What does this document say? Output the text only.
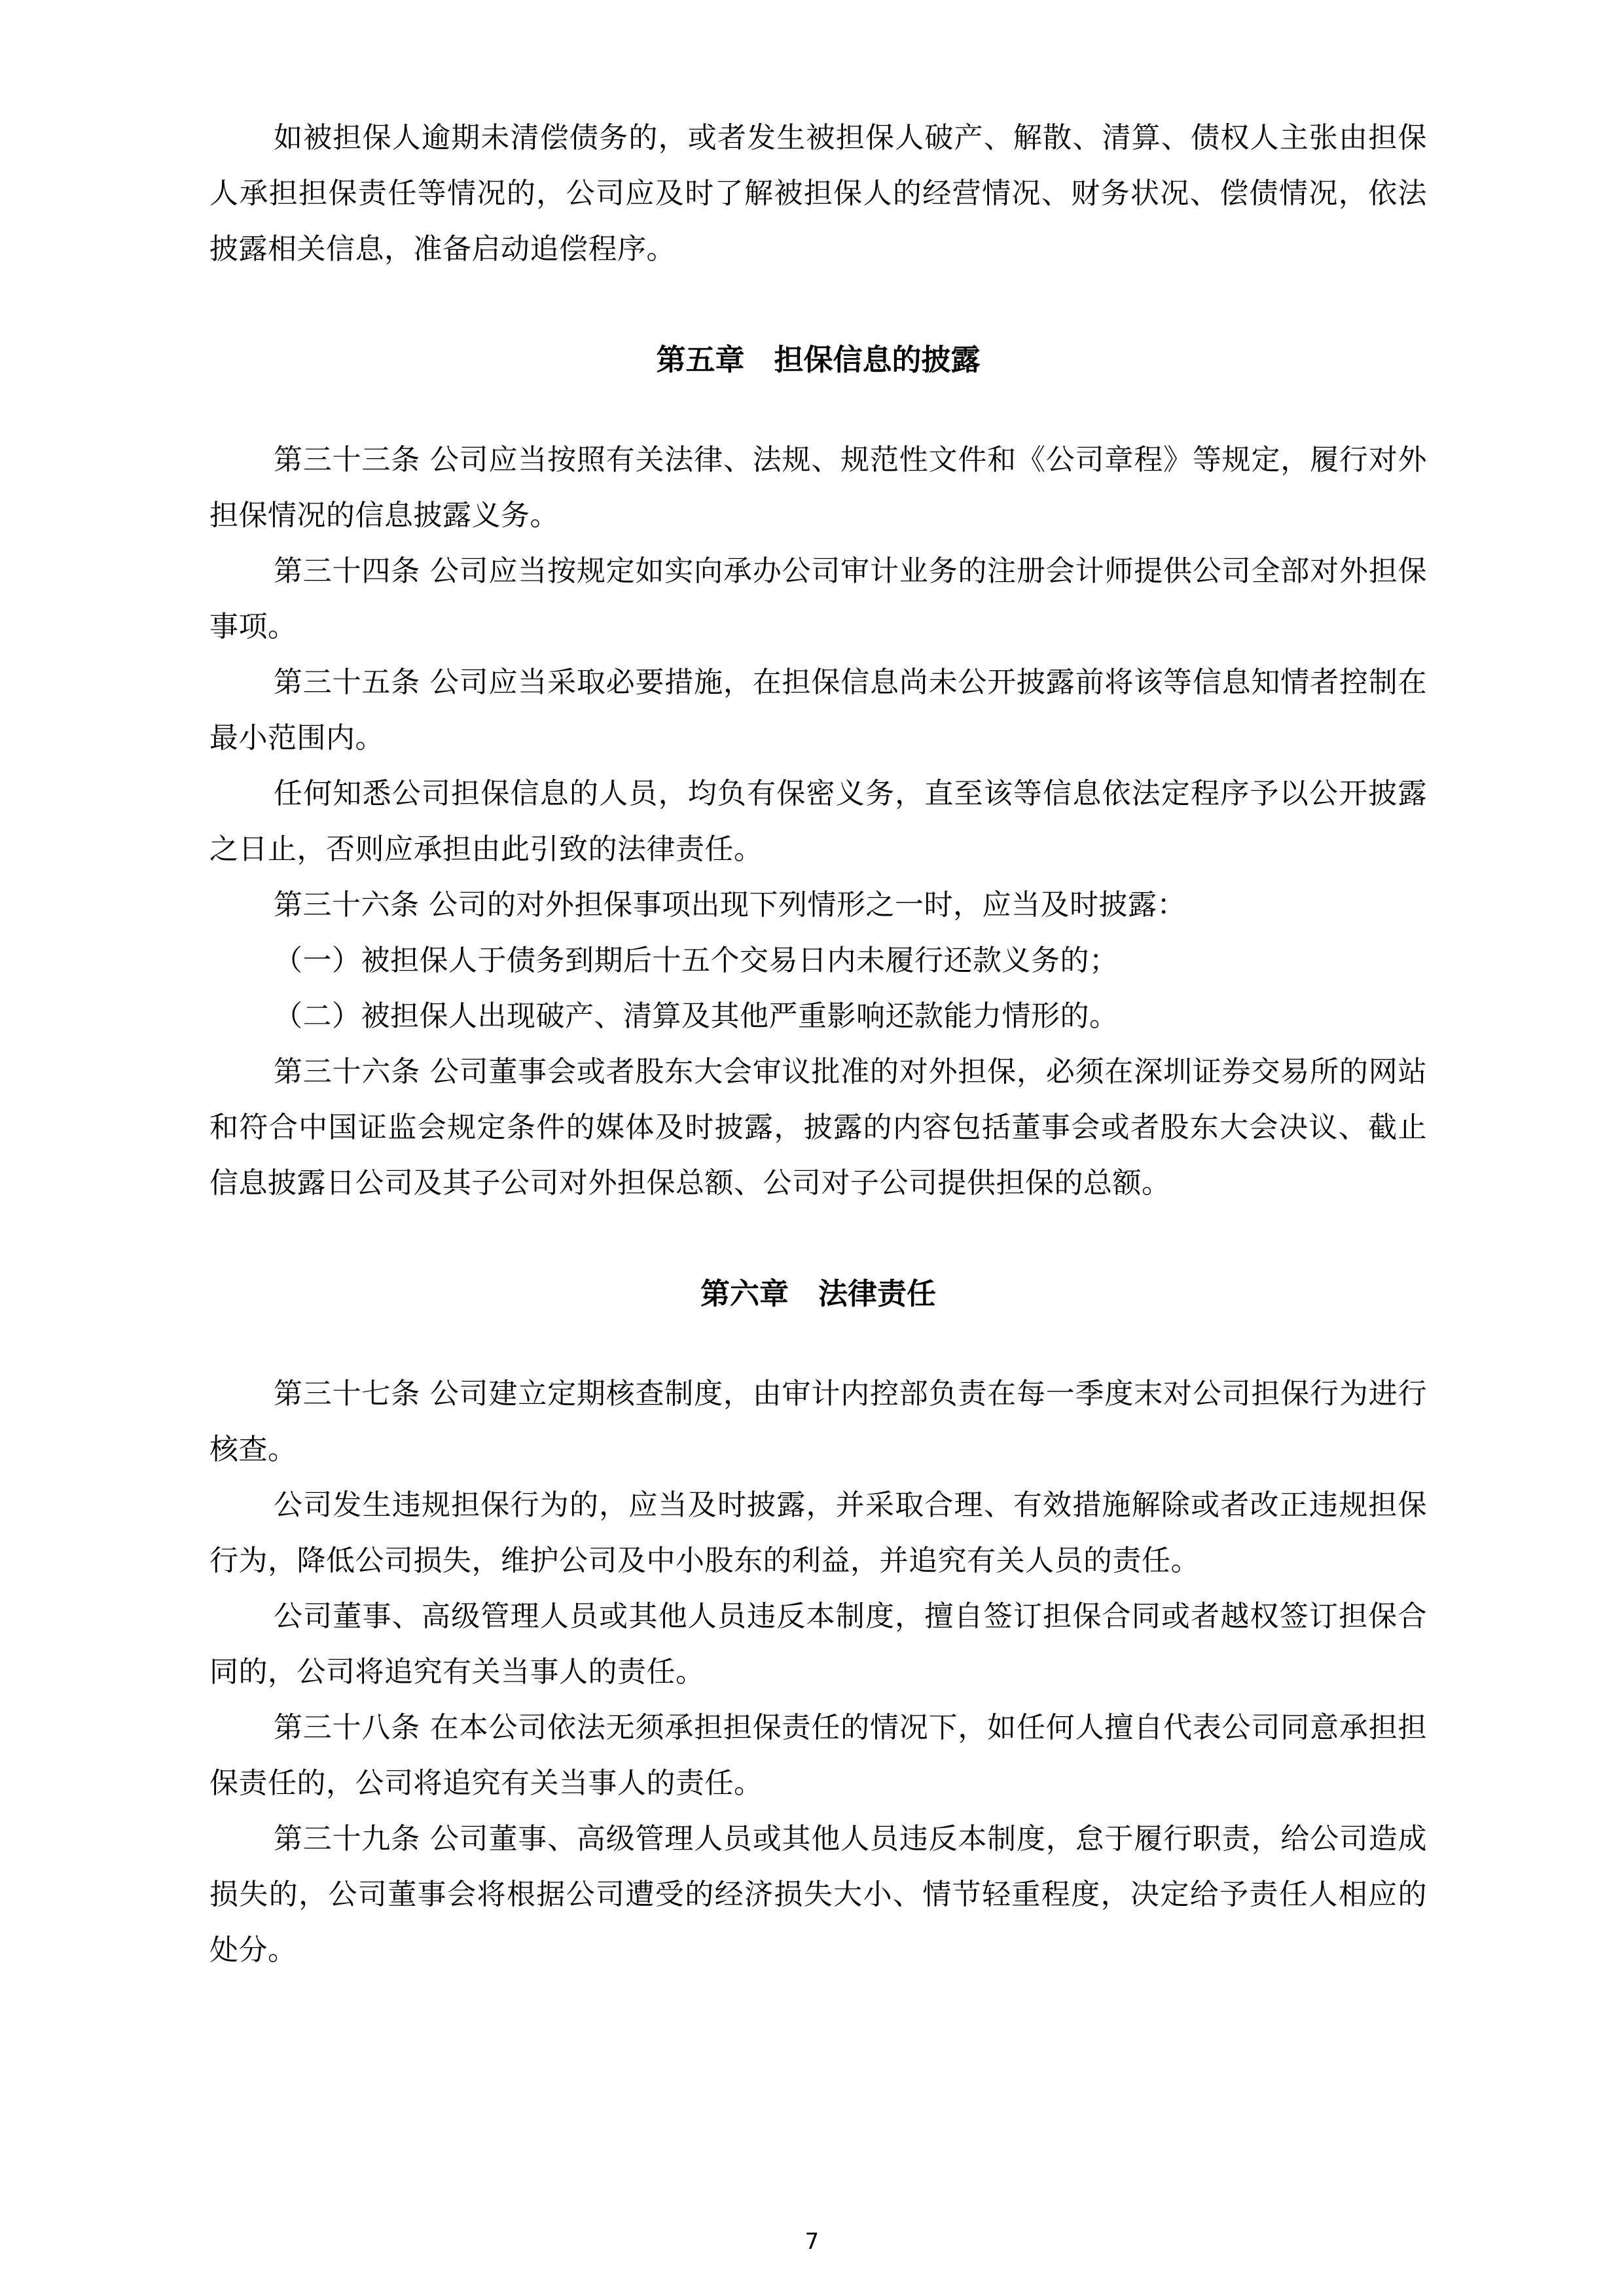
如被担保人逾期未清偿债务的，或者发生被担保人破产、解散、清算、债权人主张由担保人承担担保责任等情况的，公司应及时了解被担保人的经营情况、财务状况、偿债情况，依法披露相关信息，准备启动追偿程序。

第五章　担保信息的披露

第三十三条 公司应当按照有关法律、法规、规范性文件和《公司章程》等规定，履行对外担保情况的信息披露义务。

第三十四条 公司应当按规定如实向承办公司审计业务的注册会计师提供公司全部对外担保事项。

第三十五条 公司应当采取必要措施，在担保信息尚未公开披露前将该等信息知情者控制在最小范围内。

任何知悉公司担保信息的人员，均负有保密义务，直至该等信息依法定程序予以公开披露之日止，否则应承担由此引致的法律责任。

第三十六条 公司的对外担保事项出现下列情形之一时，应当及时披露：

（一）被担保人于债务到期后十五个交易日内未履行还款义务的；

（二）被担保人出现破产、清算及其他严重影响还款能力情形的。

第三十六条 公司董事会或者股东大会审议批准的对外担保，必须在深圳证券交易所的网站和符合中国证监会规定条件的媒体及时披露，披露的内容包括董事会或者股东大会决议、截止信息披露日公司及其子公司对外担保总额、公司对子公司提供担保的总额。

第六章　法律责任

第三十七条 公司建立定期核查制度，由审计内控部负责在每一季度末对公司担保行为进行核查。

公司发生违规担保行为的，应当及时披露，并采取合理、有效措施解除或者改正违规担保行为，降低公司损失，维护公司及中小股东的利益，并追究有关人员的责任。

公司董事、高级管理人员或其他人员违反本制度，擅自签订担保合同或者越权签订担保合同的，公司将追究有关当事人的责任。

第三十八条 在本公司依法无须承担担保责任的情况下，如任何人擅自代表公司同意承担担保责任的，公司将追究有关当事人的责任。

第三十九条 公司董事、高级管理人员或其他人员违反本制度，怠于履行职责，给公司造成损失的，公司董事会将根据公司遭受的经济损失大小、情节轻重程度，决定给予责任人相应的处分。

7
